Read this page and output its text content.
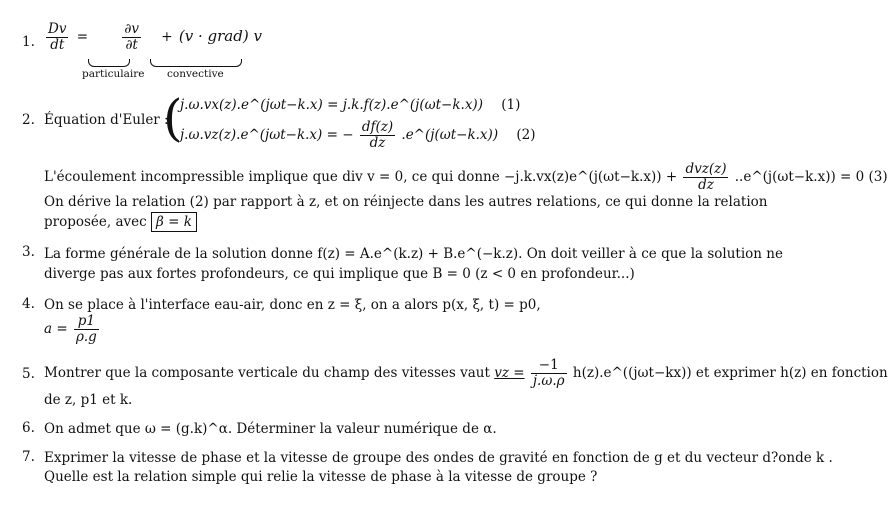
1. $\frac{Dv}{dt}$ =	$\frac{\partial v}{\partial t} + (v$ · grad) v
particulaire convective
2. Équation d'Euler :
(
j.ω.vx(z).e^(jωt−k.x) = j.k.f(z).e^(j(ωt−k.x)) (1)
j.ω.vz(z).e^(jωt−k.x) = − $\frac{df(z)}{dz}$ .e^(j(ωt−k.x)) (2)
L'écoulement incompressible implique que div v = 0, ce qui donne −j.k.vx(z)e^(j(ωt−k.x)) + $\frac{\text{dvz(z)}}{dz}$ ..e^(j(ωt−k.x)) = 0 (3)
On dérive la relation (2) par rapport à z, et on réinjecte dans les autres relations, ce qui donne la relation proposée, avec β = k
3. La forme générale de la solution donne f(z) = A.e^(k.z) + B.e^(−k.z). On doit veiller à ce que la solution ne diverge pas aux fortes profondeurs, ce qui implique que B = 0 (z < 0 en profondeur...)
4. On se place à l'interface eau-air, donc en z = ξ, on a alors p(x, ξ, t) = p0,
$a = \frac{p1}{\rho.g}$
5. Montrer que la composante verticale du champ des vitesses vaut vz = $\frac{-1}{j.\omega.\rho}$ h(z).e^((jωt−kx)) et exprimer h(z) en fonction
de z, p1 et k.
6. On admet que ω = (g.k)^α. Déterminer la valeur numérique de α.
7. Exprimer la vitesse de phase et la vitesse de groupe des ondes de gravité en fonction de g et du vecteur d?onde k .
Quelle est la relation simple qui relie la vitesse de phase à la vitesse de groupe ?
